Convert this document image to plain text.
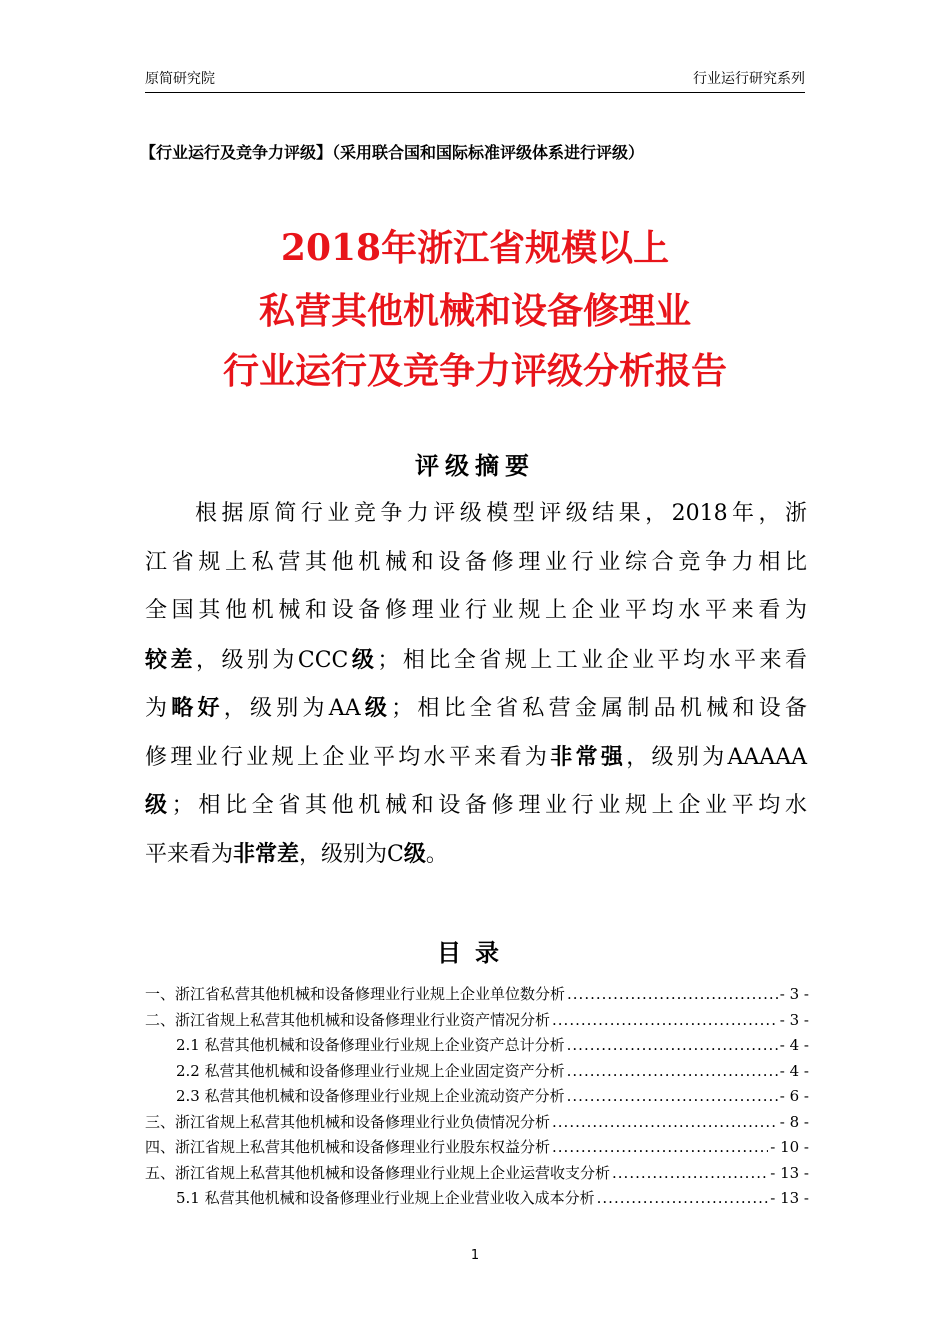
原简研究院	行业运行研究系列
【行业运行及竞争力评级】（采用联合国和国际标准评级体系进行评级）
2018年浙江省规模以上
私营其他机械和设备修理业
行业运行及竞争力评级分析报告
评级摘要
根据原简行业竞争力评级模型评级结果，2018年，浙
江省规上私营其他机械和设备修理业行业综合竞争力相比
全国其他机械和设备修理业行业规上企业平均水平来看为
较差，级别为CCC级；相比全省规上工业企业平均水平来看
为略好，级别为AA级；相比全省私营金属制品机械和设备
修理业行业规上企业平均水平来看为非常强，级别为AAAAA
级；相比全省其他机械和设备修理业行业规上企业平均水
平来看为非常差，级别为C级。
目录
一、浙江省私营其他机械和设备修理业行业规上企业单位数分析 .....	- 3 -
二、浙江省规上私营其他机械和设备修理业行业资产情况分析 .....	- 3 -
2.1 私营其他机械和设备修理业行业规上企业资产总计分析 .....	- 4 -
2.2 私营其他机械和设备修理业行业规上企业固定资产分析 .....	- 4 -
2.3 私营其他机械和设备修理业行业规上企业流动资产分析 .....	- 6 -
三、浙江省规上私营其他机械和设备修理业行业负债情况分析 .....	- 8 -
四、浙江省规上私营其他机械和设备修理业行业股东权益分析 .....	- 10 -
五、浙江省规上私营其他机械和设备修理业行业规上企业运营收支分析 .....	- 13 -
5.1 私营其他机械和设备修理业行业规上企业营业收入成本分析 .....	- 13 -
1
